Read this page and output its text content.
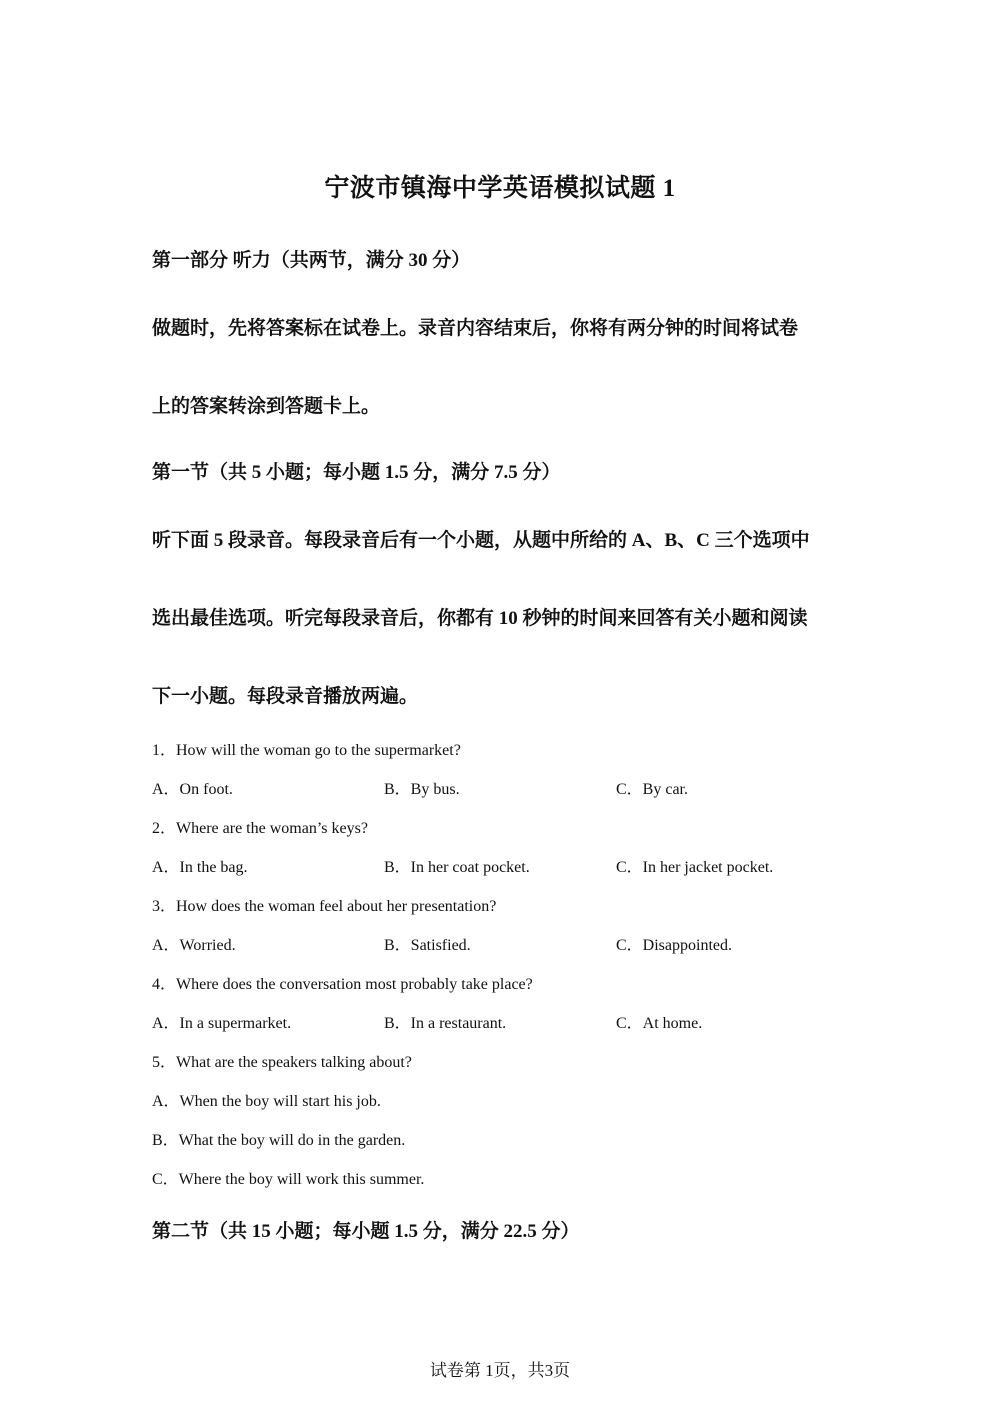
宁波市镇海中学英语模拟试题 1
第一部分 听力（共两节，满分 30 分）
做题时，先将答案标在试卷上。录音内容结束后，你将有两分钟的时间将试卷
上的答案转涂到答题卡上。
第一节（共 5 小题；每小题 1.5 分，满分 7.5 分）
听下面 5 段录音。每段录音后有一个小题，从题中所给的 A、B、C 三个选项中
选出最佳选项。听完每段录音后，你都有 10 秒钟的时间来回答有关小题和阅读
下一小题。每段录音播放两遍。
1．How will the woman go to the supermarket?
A．On foot.	B．By bus.	C．By car.
2．Where are the woman’s keys?
A．In the bag.	B．In her coat pocket.	C．In her jacket pocket.
3．How does the woman feel about her presentation?
A．Worried.	B．Satisfied.	C．Disappointed.
4．Where does the conversation most probably take place?
A．In a supermarket.	B．In a restaurant.	C．At home.
5．What are the speakers talking about?
A．When the boy will start his job.
B．What the boy will do in the garden.
C．Where the boy will work this summer.
第二节（共 15 小题；每小题 1.5 分，满分 22.5 分）
试卷第 1页，共3页
